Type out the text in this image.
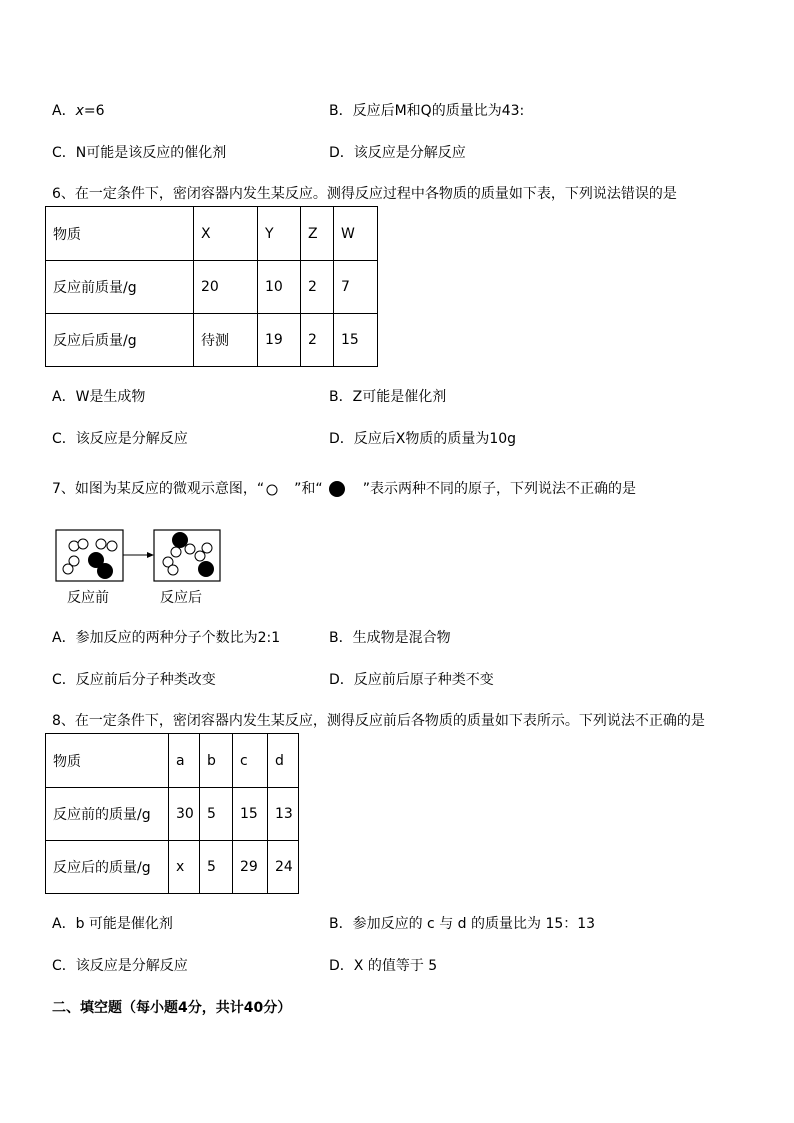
A．x=6	B．反应后M和Q的质量比为43:
C．N可能是该反应的催化剂	D．该反应是分解反应
6、在一定条件下，密闭容器内发生某反应。测得反应过程中各物质的质量如下表，下列说法错误的是
物质	X	Y	Z	W
反应前质量/g	20	10	2	7
反应后质量/g	待测	19	2	15
A．W是生成物	B．Z可能是催化剂
C．该反应是分解反应	D．反应后X物质的质量为10g
7、如图为某反应的微观示意图，“ ”和“	”表示两种不同的原子，下列说法不正确的是
反应前	反应后
A．参加反应的两种分子个数比为2:1	B．生成物是混合物
C．反应前后分子种类改变	D．反应前后原子种类不变
8、在一定条件下，密闭容器内发生某反应，测得反应前后各物质的质量如下表所示。下列说法不正确的是
物质	a	b	c	d
反应前的质量/g	30	5	15	13
反应后的质量/g	x	5	29	24
A．b 可能是催化剂	B．参加反应的 c 与 d 的质量比为 15：13
C．该反应是分解反应	D．X 的值等于 5
二、填空题（每小题4分，共计40分）
